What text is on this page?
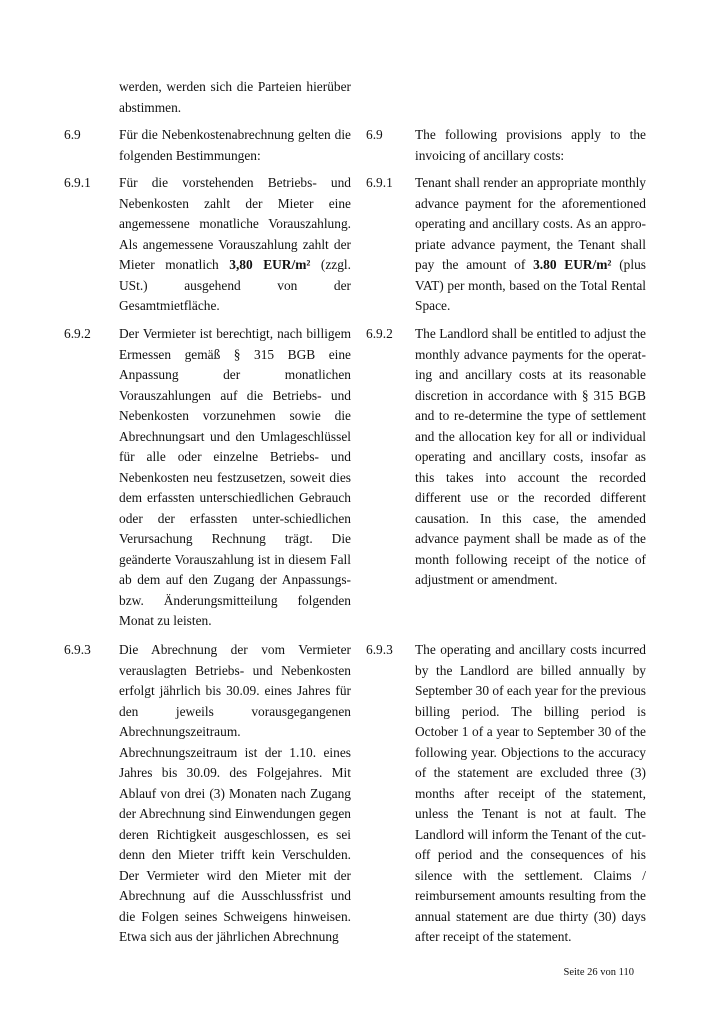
werden, werden sich die Parteien hierüber abstimmen.
6.9	Für die Nebenkostenabrechnung gelten die folgenden Bestimmungen:
6.9 The following provisions apply to the invoicing of ancillary costs:
6.9.1 Für die vorstehenden Betriebs- und Nebenkosten zahlt der Mieter eine angemessene monatliche Vorauszahlung. Als angemessene Vorauszahlung zahlt der Mieter monatlich 3,80 EUR/m² (zzgl. USt.) ausgehend von der Gesamtmietfläche.
6.9.1 Tenant shall render an appropriate monthly advance payment for the aforementioned operating and ancillary costs. As an appropriate advance payment, the Tenant shall pay the amount of 3.80 EUR/m² (plus VAT) per month, based on the Total Rental Space.
6.9.2 Der Vermieter ist berechtigt, nach billigem Ermessen gemäß § 315 BGB eine Anpassung der monatlichen Vorauszahlungen auf die Betriebs- und Nebenkosten vorzunehmen sowie die Abrechnungsart und den Umlageschlüssel für alle oder einzelne Betriebs- und Nebenkosten neu festzusetzen, soweit dies dem erfassten unterschiedlichen Gebrauch oder der erfassten unter-schiedlichen Verursachung Rechnung trägt. Die geänderte Vorauszahlung ist in diesem Fall ab dem auf den Zugang der Anpassungs- bzw. Änderungsmitteilung folgenden Monat zu leisten.
6.9.2 The Landlord shall be entitled to adjust the monthly advance payments for the operating and ancillary costs at its reasonable discretion in accordance with § 315 BGB and to re-determine the type of settlement and the allocation key for all or individual operating and ancillary costs, insofar as this takes into account the recorded different use or the recorded different causation. In this case, the amended advance payment shall be made as of the month following receipt of the notice of adjustment or amendment.
6.9.3 Die Abrechnung der vom Vermieter verauslagten Betriebs- und Nebenkosten erfolgt jährlich bis 30.09. eines Jahres für den jeweils vorausgegangenen Abrechnungszeitraum.
Abrechnungszeitraum ist der 1.10. eines Jahres bis 30.09. des Folgejahres. Mit Ablauf von drei (3) Monaten nach Zugang der Abrechnung sind Einwendungen gegen deren Richtigkeit ausgeschlossen, es sei denn den Mieter trifft kein Verschulden. Der Vermieter wird den Mieter mit der Abrechnung auf die Ausschlussfrist und die Folgen seines Schweigens hinweisen. Etwa sich aus der jährlichen Abrechnung
6.9.3 The operating and ancillary costs incurred by the Landlord are billed annually by September 30 of each year for the previous billing period. The billing period is October 1 of a year to September 30 of the following year. Objections to the accuracy of the statement are excluded three (3) months after receipt of the statement, unless the Tenant is not at fault. The Landlord will inform the Tenant of the cut-off period and the consequences of his silence with the settlement. Claims / reimbursement amounts resulting from the annual statement are due thirty (30) days after receipt of the statement.
Seite 26 von 110
